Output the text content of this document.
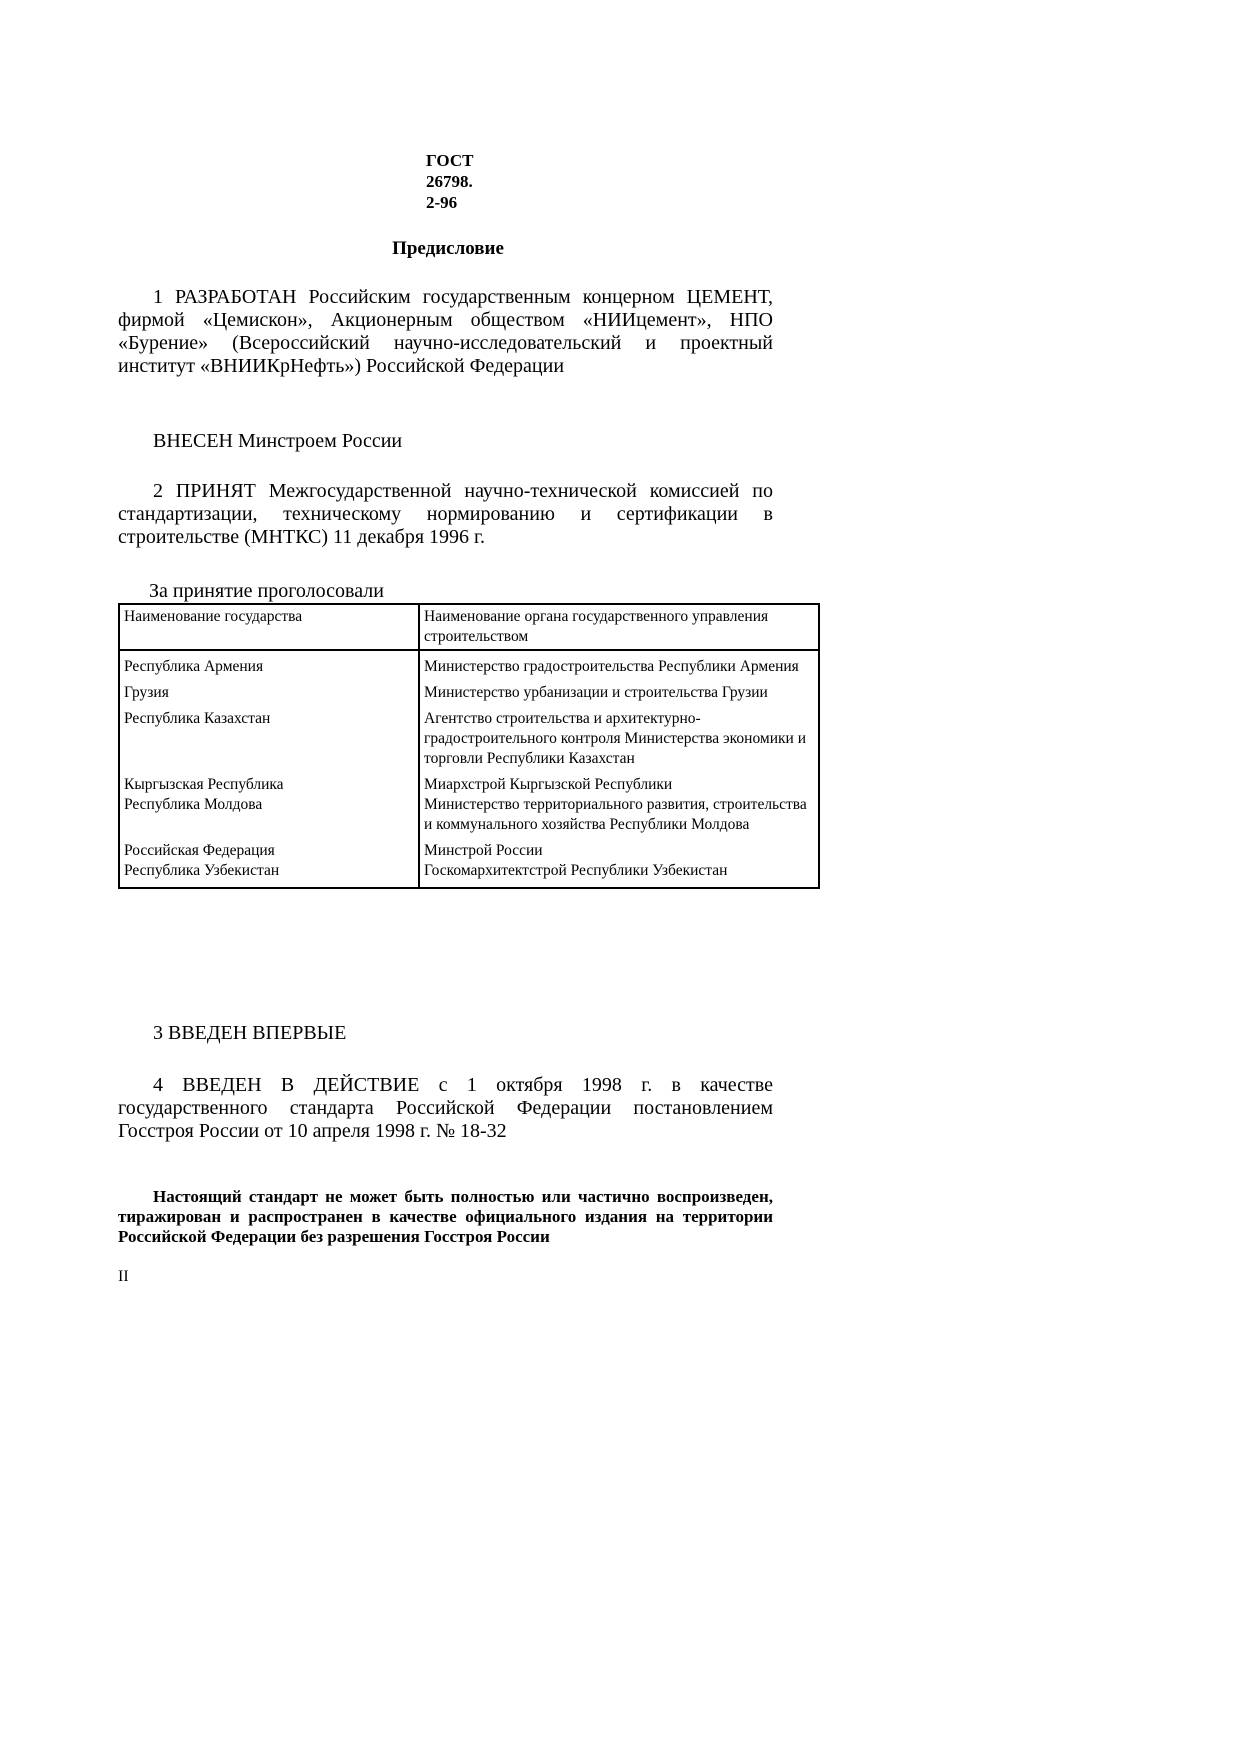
ГОСТ
26798.
2-96
Предисловие
1 РАЗРАБОТАН Российским государственным концерном ЦЕМЕНТ, фирмой «Цемискон», Акционерным обществом «НИИцемент», НПО «Бурение» (Всероссийский научно-исследовательский и проектный институт «ВНИИКрНефть») Российской Федерации
ВНЕСЕН Минстроем России
2 ПРИНЯТ Межгосударственной научно-технической комиссией по стандартизации, техническому нормированию и сертификации в строительстве (МНТКС) 11 декабря 1996 г.
За принятие проголосовали
Наименование государства	Наименование органа государственного управления строительством
Республика Армения	Министерство градостроительства Республики Армения
Грузия	Министерство урбанизации и строительства Грузии
Республика Казахстан	Агентство строительства и архитектурно-градостроительного контроля Министерства экономики и торговли Республики Казахстан
Кыргызская Республика	Миархстрой Кыргызской Республики
Республика Молдова	Министерство территориального развития, строительства и коммунального хозяйства Республики Молдова
Российская Федерация	Минстрой России
Республика Узбекистан	Госкомархитектстрой Республики Узбекистан
3 ВВЕДЕН ВПЕРВЫЕ
4 ВВЕДЕН В ДЕЙСТВИЕ с 1 октября 1998 г. в качестве государственного стандарта Российской Федерации постановлением Госстроя России от 10 апреля 1998 г. № 18-32
Настоящий стандарт не может быть полностью или частично воспроизведен, тиражирован и распространен в качестве официального издания на территории Российской Федерации без разрешения Госстроя России
II
